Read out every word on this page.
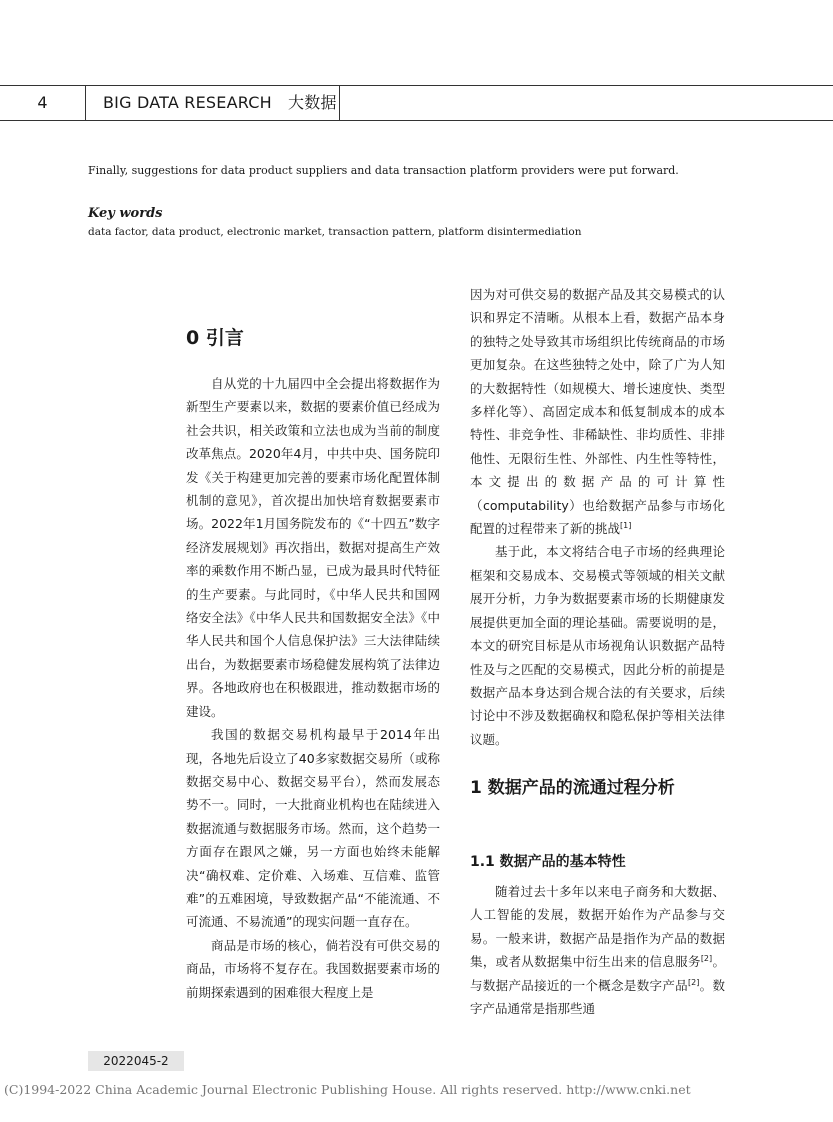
4	BIG DATA RESEARCH　大数据
Finally, suggestions for data product suppliers and data transaction platform providers were put forward.
Key words
data factor, data product, electronic market, transaction pattern, platform disintermediation
0 引言

自从党的十九届四中全会提出将数据作为新型生产要素以来，数据的要素价值已经成为社会共识，相关政策和立法也成为当前的制度改革焦点。2020年4月，中共中央、国务院印发《关于构建更加完善的要素市场化配置体制机制的意见》，首次提出加快培育数据要素市场。2022年1月国务院发布的《“十四五”数字经济发展规划》再次指出，数据对提高生产效率的乘数作用不断凸显，已成为最具时代特征的生产要素。与此同时，《中华人民共和国网络安全法》《中华人民共和国数据安全法》《中华人民共和国个人信息保护法》三大法律陆续出台，为数据要素市场稳健发展构筑了法律边界。各地政府也在积极跟进，推动数据市场的建设。

我国的数据交易机构最早于2014年出现，各地先后设立了40多家数据交易所（或称数据交易中心、数据交易平台），然而发展态势不一。同时，一大批商业机构也在陆续进入数据流通与数据服务市场。然而，这个趋势一方面存在跟风之嫌，另一方面也始终未能解决“确权难、定价难、入场难、互信难、监管难”的五难困境，导致数据产品“不能流通、不可流通、不易流通”的现实问题一直存在。

商品是市场的核心，倘若没有可供交易的商品，市场将不复存在。我国数据要素市场的前期探索遇到的困难很大程度上是

因为对可供交易的数据产品及其交易模式的认识和界定不清晰。从根本上看，数据产品本身的独特之处导致其市场组织比传统商品的市场更加复杂。在这些独特之处中，除了广为人知的大数据特性（如规模大、增长速度快、类型多样化等）、高固定成本和低复制成本的成本特性、非竞争性、非稀缺性、非均质性、非排他性、无限衍生性、外部性、内生性等特性，本文提出的数据产品的可计算性（computability）也给数据产品参与市场化配置的过程带来了新的挑战[1]

基于此，本文将结合电子市场的经典理论框架和交易成本、交易模式等领域的相关文献展开分析，力争为数据要素市场的长期健康发展提供更加全面的理论基础。需要说明的是，本文的研究目标是从市场视角认识数据产品特性及与之匹配的交易模式，因此分析的前提是数据产品本身达到合规合法的有关要求，后续讨论中不涉及数据确权和隐私保护等相关法律议题。

1 数据产品的流通过程分析
1.1 数据产品的基本特性

随着过去十多年以来电子商务和大数据、人工智能的发展，数据开始作为产品参与交易。一般来讲，数据产品是指作为产品的数据集，或者从数据集中衍生出来的信息服务[2]。与数据产品接近的一个概念是数字产品[2]。数字产品通常是指那些通

2022045-2
(C)1994-2022 China Academic Journal Electronic Publishing House. All rights reserved. http://www.cnki.net
